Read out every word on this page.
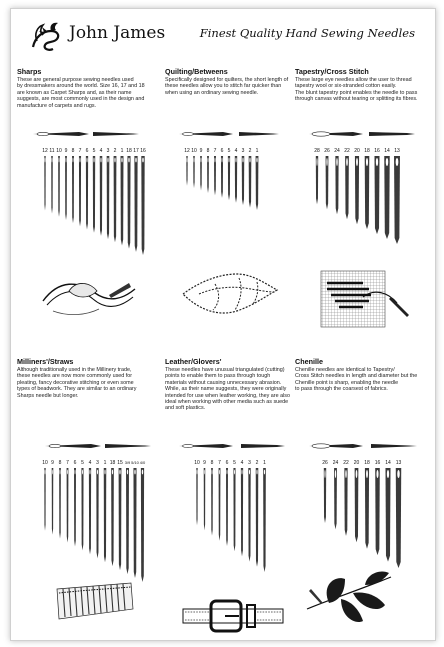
John James	Finest Quality Hand Sewing Needles
Sharps
These are general purpose sewing needles used
by dressmakers around the world. Size 16, 17 and 18 are known as Carpet Sharps and, as their name suggests, are most commonly used in the design and manufacture of carpets and rugs.
12 11 10 9 8 7 6 5 4 3 2 1 18 17 16
Quilting/Betweens
Specifically designed for quilters, the short length of these needles allow you to stitch far quicker than when using an ordinary sewing needle.
12 10 9 8 7 6 5 4 3 2 1
Tapestry/Cross Stitch
These large eye needles allow the user to thread tapestry wool or six-stranded cotton easily.
The blunt tapestry point enables the needle to pass through canvas without tearing or splitting its fibres.
28 26 24 22 20 18 16 14 13
Milliners'/Straws
Although traditionally used in the Millinery trade, these needles are now more commonly used for pleating, fancy decorative stitching or even some types of beadwork. They are similar to an ordinary Sharps needle but longer.
10 9 8 7 6 5 4 3 1 18 15 3/9 5/10 4/0
Leather/Glovers'
These needles have unusual triangulated (cutting) points to enable them to pass through tough materials without causing unnecessary abrasion. While, as their name suggests, they were originally intended for use when leather working, they are also ideal when working with other media such as suede and soft plastics.
10 9 8 7 6 5 4 3 2 1
Chenille
Chenille needles are identical to Tapestry/
Cross Stitch needles in length and diameter but the Chenille point is sharp, enabling the needle
to pass through the coarsest of fabrics.
26 24 22 20 18 16 14 13
